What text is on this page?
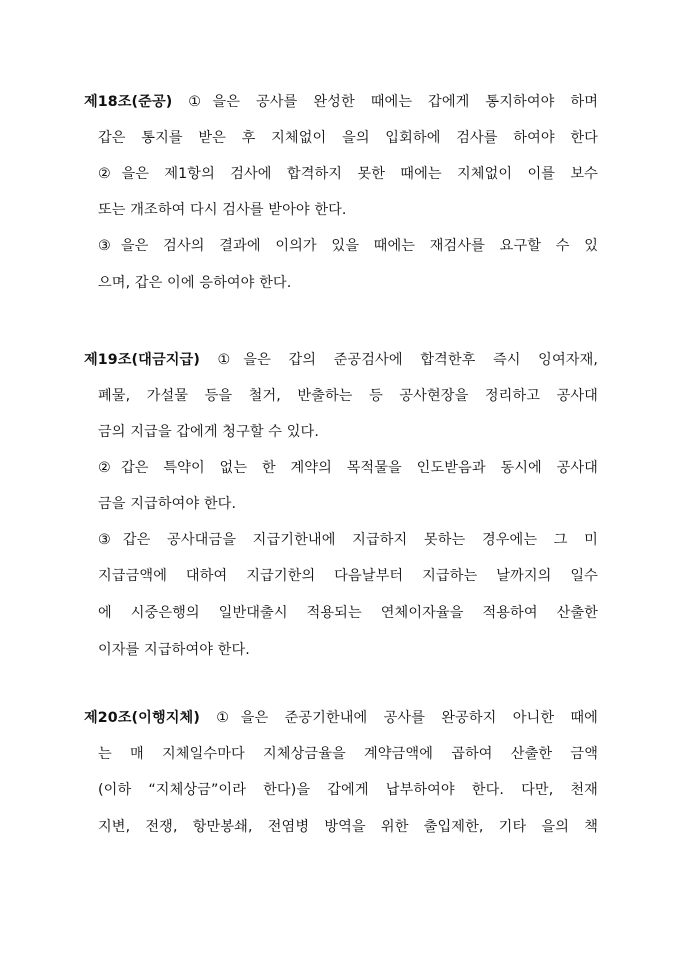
제18조(준공) ①을은 공사를 완성한 때에는 갑에게 통지하여야 하며
갑은 통지를 받은 후 지체없이 을의 입회하에 검사를 하여야 한다
②을은 제1항의 검사에 합격하지 못한 때에는 지체없이 이를 보수
또는 개조하여 다시 검사를 받아야 한다.
③을은 검사의 결과에 이의가 있을 때에는 재검사를 요구할 수 있
으며, 갑은 이에 응하여야 한다.
제19조(대금지급) ①을은 갑의 준공검사에 합격한후 즉시 잉여자재,
폐물, 가설물 등을 철거, 반출하는 등 공사현장을 정리하고 공사대
금의 지급을 갑에게 청구할 수 있다.
②갑은 특약이 없는 한 계약의 목적물을 인도받음과 동시에 공사대
금을 지급하여야 한다.
③갑은 공사대금을 지급기한내에 지급하지 못하는 경우에는 그 미
지급금액에 대하여 지급기한의 다음날부터 지급하는 날까지의 일수
에 시중은행의 일반대출시 적용되는 연체이자율을 적용하여 산출한
이자를 지급하여야 한다.
제20조(이행지체) ①을은 준공기한내에 공사를 완공하지 아니한 때에
는 매 지체일수마다 지체상금율을 계약금액에 곱하여 산출한 금액
(이하 “지체상금”이라 한다)을 갑에게 납부하여야 한다. 다만, 천재
지변, 전쟁, 항만봉쇄, 전염병 방역을 위한 출입제한, 기타 을의 책
